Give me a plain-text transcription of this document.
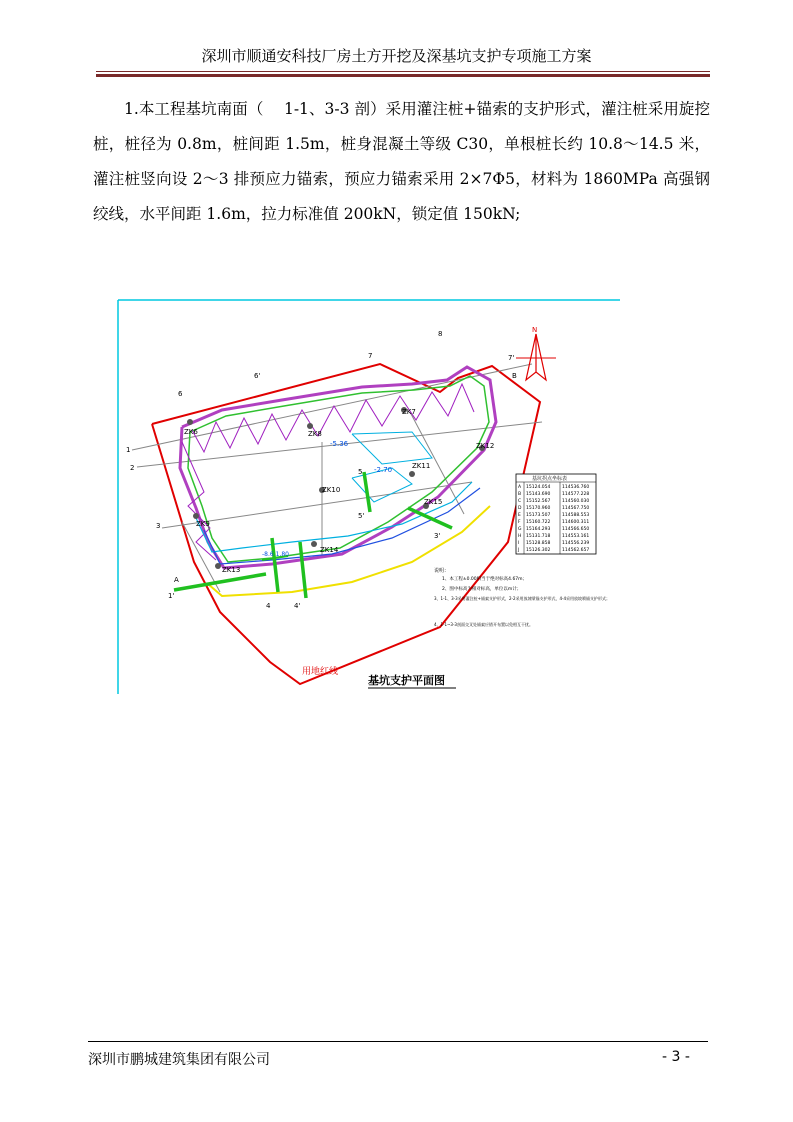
深圳市顺通安科技厂房土方开挖及深基坑支护专项施工方案

1.本工程基坑南面（　 1-1、3-3 剖）采用灌注桩+锚索的支护形式，灌注桩采用旋挖桩，桩径为 0.8m，桩间距 1.5m，桩身混凝土等级 C30，单根桩长约 10.8～14.5 米，灌注桩竖向设 2～3 排预应力锚索，预应力锚索采用 2×7Φ5，材料为 1860MPa 高强钢绞线，水平间距 1.6m，拉力标准值 200kN，锁定值 150kN;

ZK6
ZK7
ZK8
ZK9
ZK10
ZK11
ZK12
ZK13
ZK14
ZK15
-5.36
-2.70
-8.6 1.80
1
1'
2
3
3'
4	4'
5
5'
6
6'
7	7'
8
A
B
N
基坑拐点坐标表
A 15124.054	114536.760
B 15143.690	114577.228
C 15152.567	114560.030
D 15170.960	114567.750
E 15173.507	114588.553
F 15160.722	114600.311
G 15164.293	114566.650
H 15131.718	114553.161
I 15128.858	114556.239
J 15126.302	114562.657
说明：
1、本工程±0.00相当于绝对标高4.67m；
2、图中标高为相对标高，单位以m计；
3、1-1、3-3采用灌注桩+锚索支护形式，2-2采用放坡喷锚支护形式，4-4采用放坡喷锚支护形式；
4、1-1~3-3剖面交叉处锚索应错开布置以免相互干扰。
用地红线
基坑支护平面图
深圳市鹏城建筑集团有限公司	- 3 -
